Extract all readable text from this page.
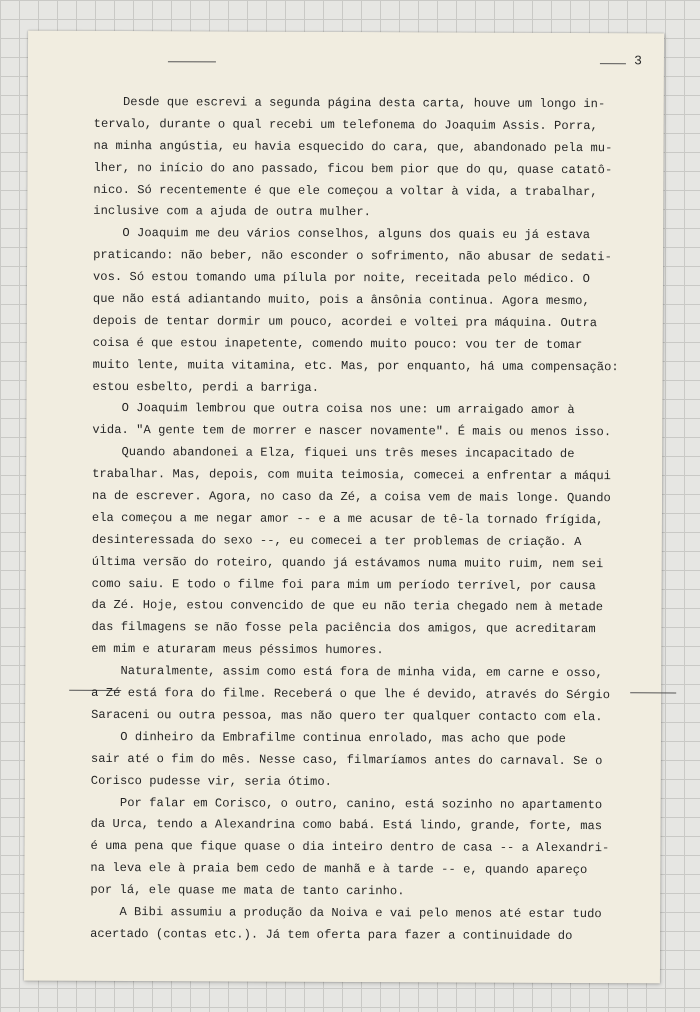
3
Desde que escrevi a segunda página desta carta, houve um longo in-
tervalo, durante o qual recebi um telefonema do Joaquim Assis. Porra,
na minha angústia, eu havia esquecido do cara, que, abandonado pela mu-
lher, no início do ano passado, ficou bem pior que do qu, quase catatô-
nico. Só recentemente é que ele começou a voltar à vida, a trabalhar,
inclusive com a ajuda de outra mulher.
O Joaquim me deu vários conselhos, alguns dos quais eu já estava
praticando: não beber, não esconder o sofrimento, não abusar de sedati-
vos. Só estou tomando uma pílula por noite, receitada pelo médico. O
que não está adiantando muito, pois a ânsônia continua. Agora mesmo,
depois de tentar dormir um pouco, acordei e voltei pra máquina. Outra
coisa é que estou inapetente, comendo muito pouco: vou ter de tomar
muito lente, muita vitamina, etc. Mas, por enquanto, há uma compensação:
estou esbelto, perdi a barriga.
O Joaquim lembrou que outra coisa nos une: um arraigado amor à
vida. "A gente tem de morrer e nascer novamente". É mais ou menos isso.
Quando abandonei a Elza, fiquei uns três meses incapacitado de
trabalhar. Mas, depois, com muita teimosia, comecei a enfrentar a máqui
na de escrever. Agora, no caso da Zé, a coisa vem de mais longe. Quando
ela começou a me negar amor -- e a me acusar de tê-la tornado frígida,
desinteressada do sexo --, eu comecei a ter problemas de criação. A
última versão do roteiro, quando já estávamos numa muito ruim, nem sei
como saiu. E todo o filme foi para mim um período terrível, por causa
da Zé. Hoje, estou convencido de que eu não teria chegado nem à metade
das filmagens se não fosse pela paciência dos amigos, que acreditaram
em mim e aturaram meus péssimos humores.
Naturalmente, assim como está fora de minha vida, em carne e osso,
a Zé está fora do filme. Receberá o que lhe é devido, através do Sérgio
Saraceni ou outra pessoa, mas não quero ter qualquer contacto com ela.
O dinheiro da Embrafilme continua enrolado, mas acho que pode
sair até o fim do mês. Nesse caso, filmaríamos antes do carnaval. Se o
Corisco pudesse vir, seria ótimo.
Por falar em Corisco, o outro, canino, está sozinho no apartamento
da Urca, tendo a Alexandrina como babá. Está lindo, grande, forte, mas
é uma pena que fique quase o dia inteiro dentro de casa -- a Alexandri-
na leva ele à praia bem cedo de manhã e à tarde -- e, quando apareço
por lá, ele quase me mata de tanto carinho.
A Bibi assumiu a produção da Noiva e vai pelo menos até estar tudo
acertado (contas etc.). Já tem oferta para fazer a continuidade do
